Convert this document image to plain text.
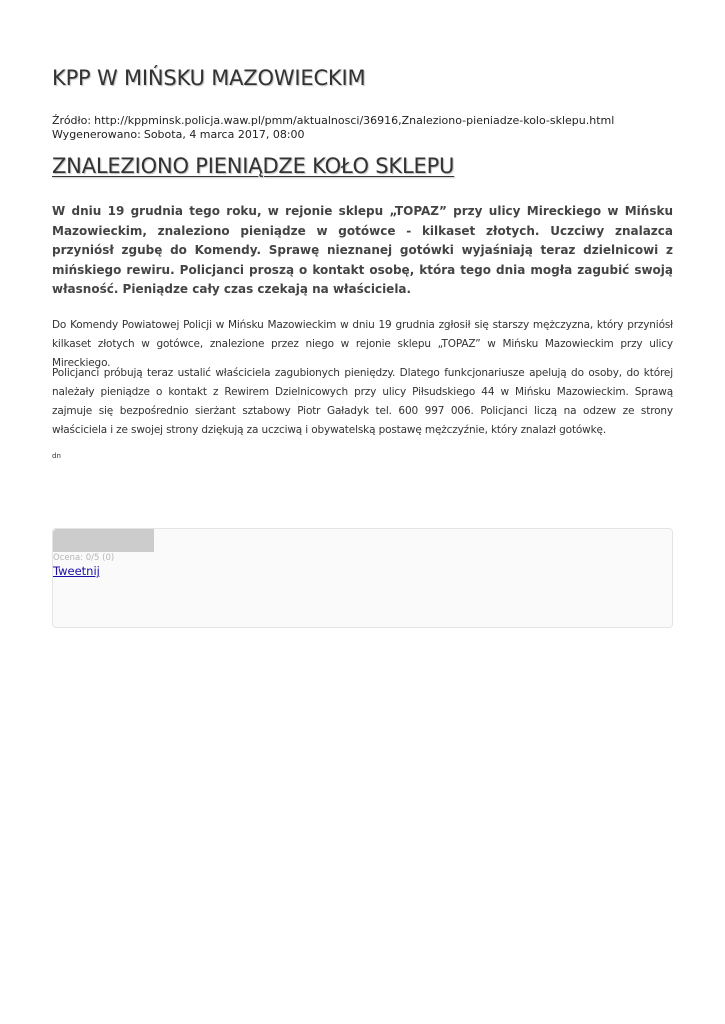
KPP W MIŃSKU MAZOWIECKIM
Źródło: http://kppminsk.policja.waw.pl/pmm/aktualnosci/36916,Znaleziono-pieniadze-kolo-sklepu.html
Wygenerowano: Sobota, 4 marca 2017, 08:00
ZNALEZIONO PIENIĄDZE KOŁO SKLEPU

W dniu 19 grudnia tego roku, w rejonie sklepu „TOPAZ” przy ulicy Mireckiego w Mińsku Mazowieckim, znaleziono pieniądze w gotówce - kilkaset złotych. Uczciwy znalazca przyniósł zgubę do Komendy. Sprawę nieznanej gotówki wyjaśniają teraz dzielnicowi z mińskiego rewiru. Policjanci proszą o kontakt osobę, która tego dnia mogła zagubić swoją własność. Pieniądze cały czas czekają na właściciela.

Do Komendy Powiatowej Policji w Mińsku Mazowieckim w dniu 19 grudnia zgłosił się starszy mężczyzna, który przyniósł kilkaset złotych w gotówce, znalezione przez niego w rejonie sklepu „TOPAZ” w Mińsku Mazowieckim przy ulicy Mireckiego.

Policjanci próbują teraz ustalić właściciela zagubionych pieniędzy. Dlatego funkcjonariusze apelują do osoby, do której należały pieniądze o kontakt z Rewirem Dzielnicowych przy ulicy Piłsudskiego 44 w Mińsku Mazowieckim. Sprawą zajmuje się bezpośrednio sierżant sztabowy Piotr Gaładyk tel. 600 997 006. Policjanci liczą na odzew ze strony właściciela i ze swojej strony dziękują za uczciwą i obywatelską postawę mężczyźnie, który znalazł gotówkę.

dn
Ocena: 0/5 (0)
Tweetnij
